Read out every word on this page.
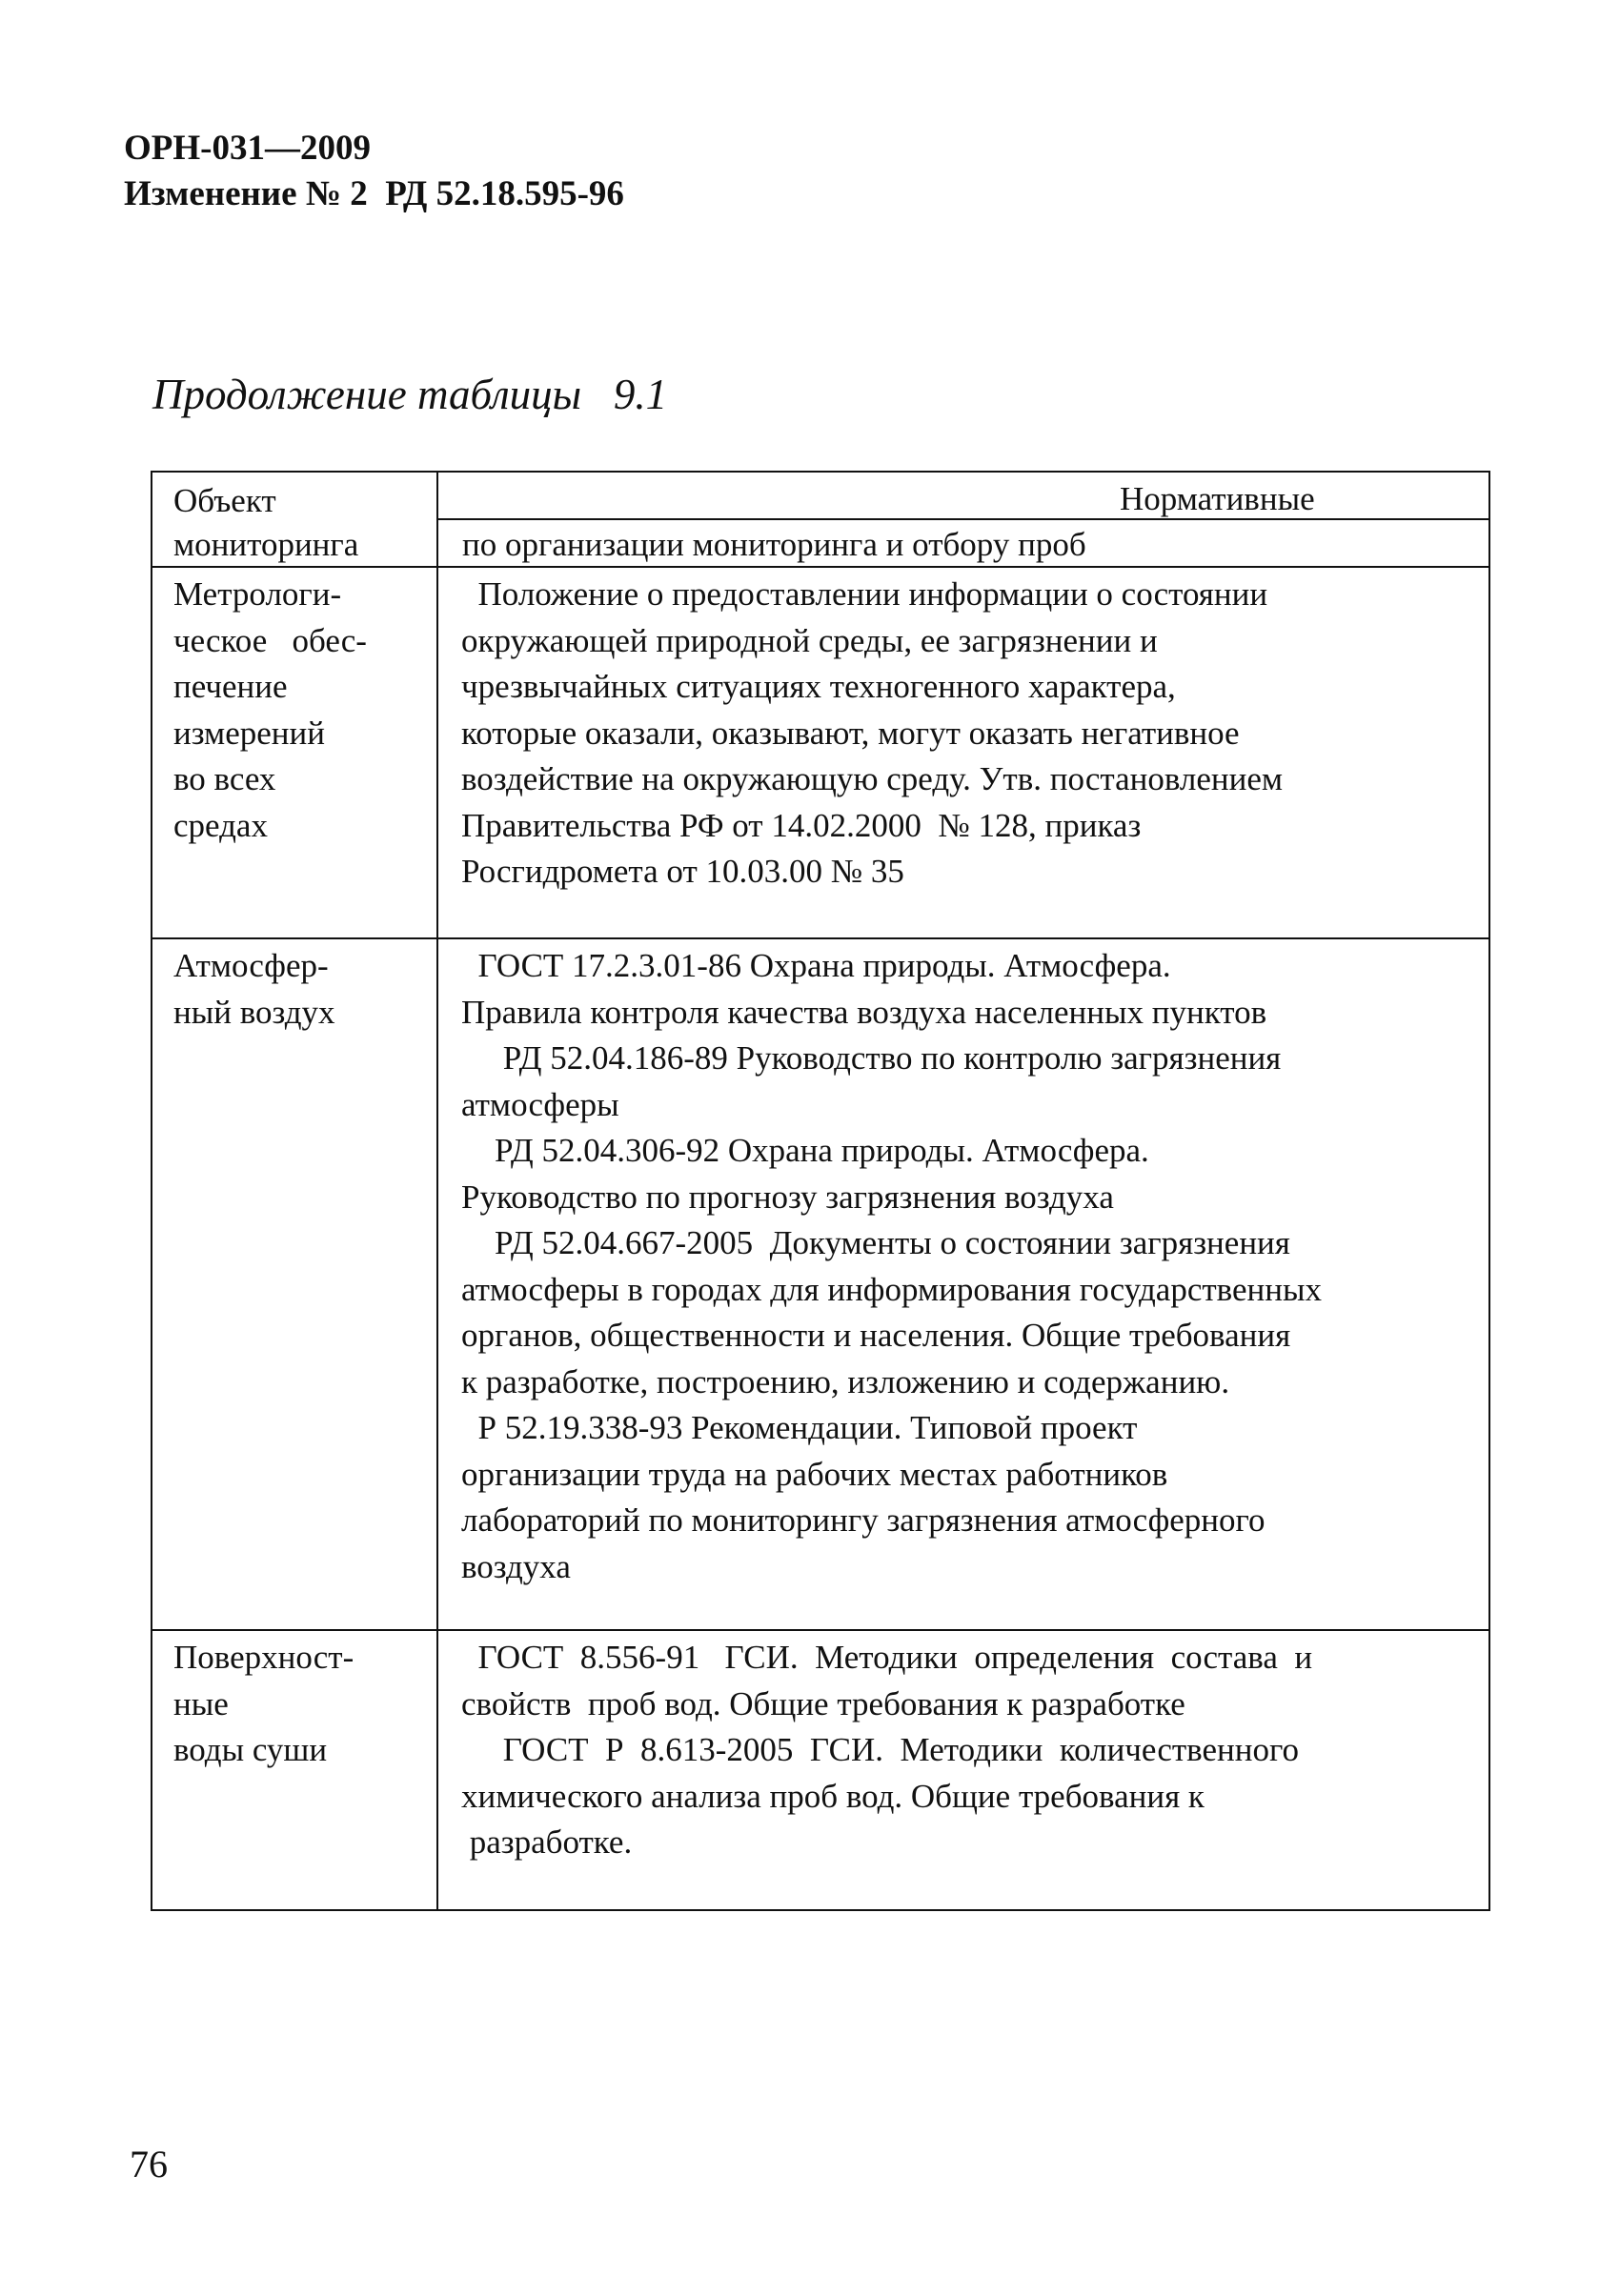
ОРН-031—2009
Изменение № 2  РД 52.18.595-96
Продолжение таблицы   9.1
Объект
мониторинга
Нормативные
по организации мониторинга и отбору проб
Метрологи-
ческое   обес-
печение
измерений
во всех
средах
Положение о предоставлении информации о состоянии
окружающей природной среды, ее загрязнении и
чрезвычайных ситуациях техногенного характера,
которые оказали, оказывают, могут оказать негативное
воздействие на окружающую среду. Утв. постановлением
Правительства РФ от 14.02.2000  № 128, приказ
Росгидромета от 10.03.00 № 35
Атмосфер-
ный воздух
ГОСТ 17.2.3.01-86 Охрана природы. Атмосфера.
Правила контроля качества воздуха населенных пунктов
РД 52.04.186-89 Руководство по контролю загрязнения
атмосферы
РД 52.04.306-92 Охрана природы. Атмосфера.
Руководство по прогнозу загрязнения воздуха
РД 52.04.667-2005  Документы о состоянии загрязнения
атмосферы в городах для информирования государственных
органов, общественности и населения. Общие требования
к разработке, построению, изложению и содержанию.
Р 52.19.338-93 Рекомендации. Типовой проект
организации труда на рабочих местах работников
лабораторий по мониторингу загрязнения атмосферного
воздуха
Поверхност-
ные
воды суши
ГОСТ  8.556-91   ГСИ.  Методики  определения  состава  и
свойств  проб вод. Общие требования к разработке
ГОСТ  Р  8.613-2005  ГСИ.  Методики  количественного
химического анализа проб вод. Общие требования к
разработке.
76
